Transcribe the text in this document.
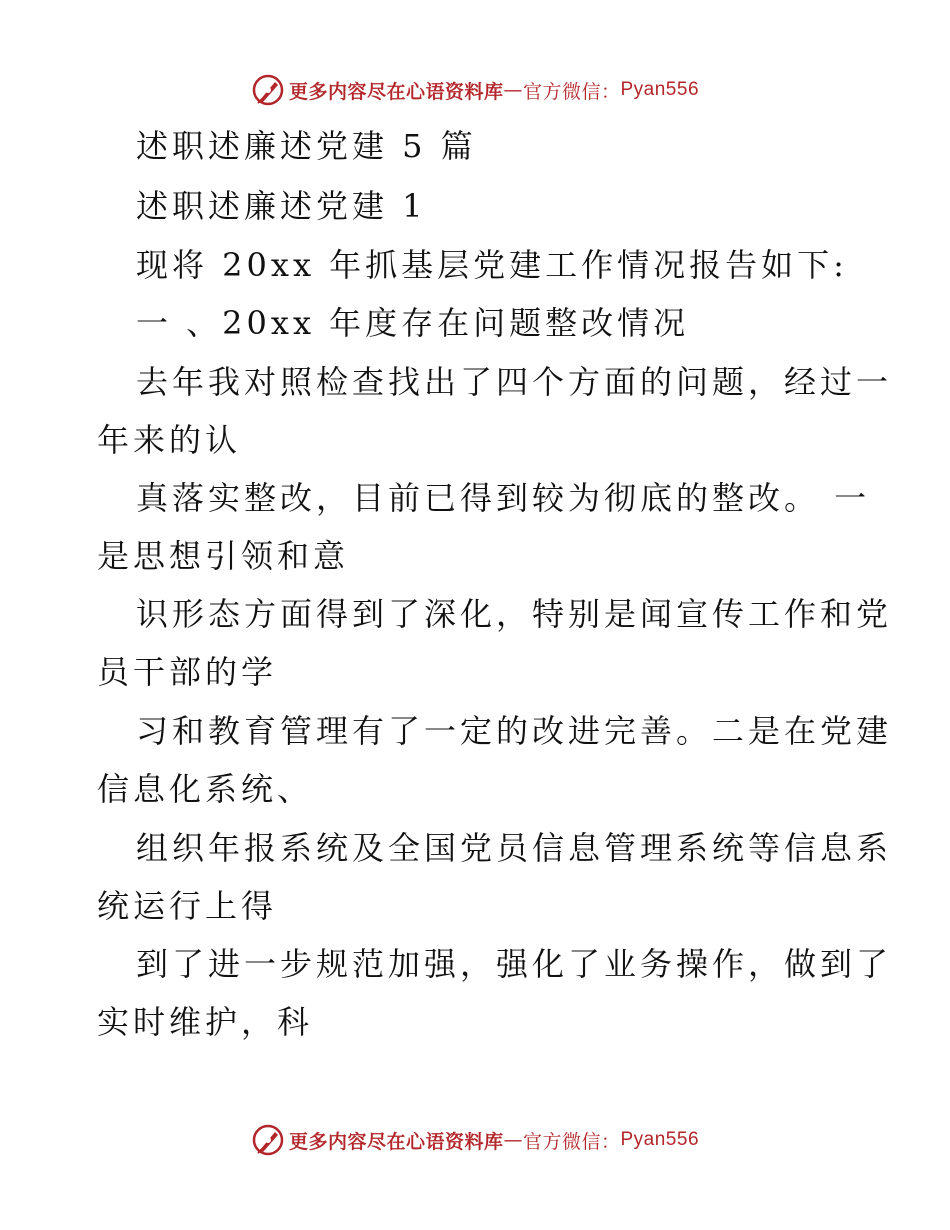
更多内容尽在心语资料库 — 官方微信： Pyan556
述职述廉述党建 5 篇
述职述廉述党建 1
现将 20xx 年抓基层党建工作情况报告如下:
一 、20xx 年度存在问题整改情况
去年我对照检查找出了四个方面的问题，经过一
年来的认
真落实整改，目前已得到较为彻底的整改。 一
是思想引领和意
识形态方面得到了深化，特别是闻宣传工作和党
员干部的学
习和教育管理有了一定的改进完善。二是在党建
信息化系统、
组织年报系统及全国党员信息管理系统等信息系
统运行上得
到了进一步规范加强，强化了业务操作，做到了
实时维护，科
更多内容尽在心语资料库 — 官方微信： Pyan556
